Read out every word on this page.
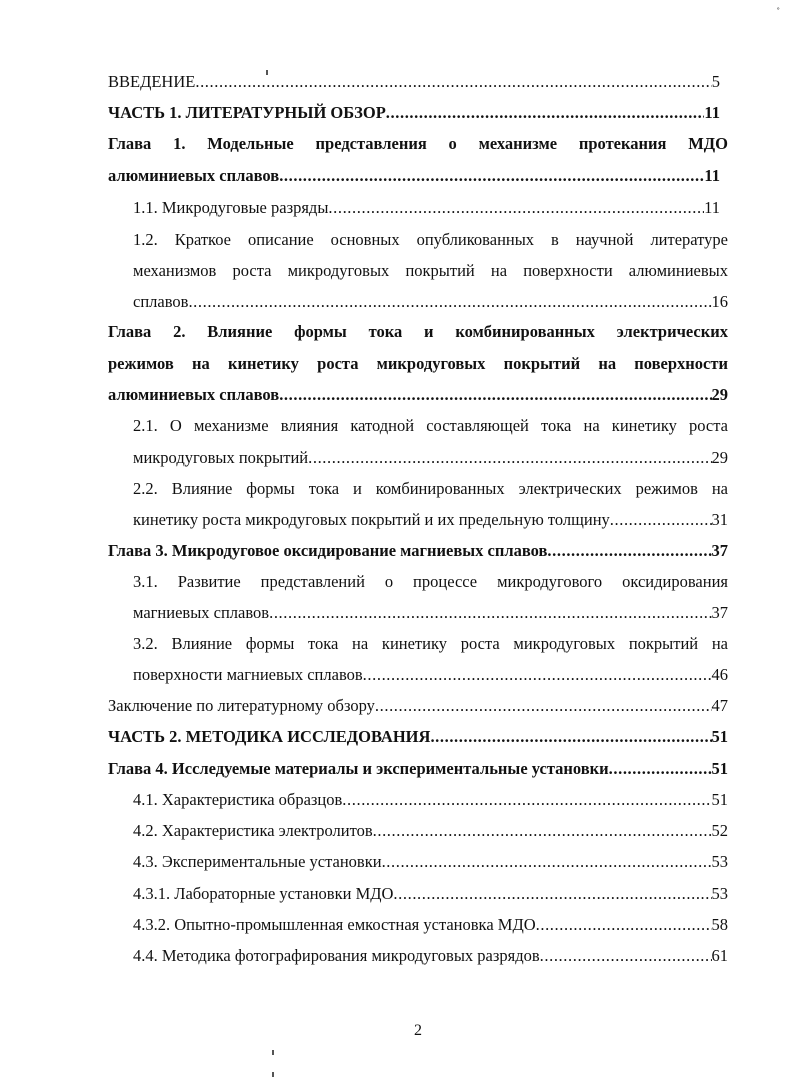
ВВЕДЕНИЕ .....	5
ЧАСТЬ 1. ЛИТЕРАТУРНЫЙ ОБЗОР .....	11
Глава 1. Модельные представления о механизме протекания МДО
алюминиевых сплавов .....	11
1.1. Микродуговые разряды .....	11
1.2. Краткое описание основных опубликованных в научной литературе
механизмов роста микродуговых покрытий на поверхности алюминиевых
сплавов .....	16
Глава 2. Влияние формы тока и комбинированных электрических
режимов на кинетику роста микродуговых покрытий на поверхности
алюминиевых сплавов .....	29
2.1. О механизме влияния катодной составляющей тока на кинетику роста
микродуговых покрытий .....	29
2.2. Влияние формы тока и комбинированных электрических режимов на
кинетику роста микродуговых покрытий и их предельную толщину .....	31
Глава 3. Микродуговое оксидирование магниевых сплавов .....	37
3.1. Развитие представлений о процессе микродугового оксидирования
магниевых сплавов .....	37
3.2. Влияние формы тока на кинетику роста микродуговых покрытий на
поверхности магниевых сплавов .....	46
Заключение по литературному обзору .....	47
ЧАСТЬ 2. МЕТОДИКА ИССЛЕДОВАНИЯ .....	51
Глава 4. Исследуемые материалы и экспериментальные установки .....	51
4.1. Характеристика образцов .....	51
4.2. Характеристика электролитов .....	52
4.3. Экспериментальные установки .....	53
4.3.1. Лабораторные установки МДО .....	53
4.3.2. Опытно-промышленная емкостная установка МДО .....	58
4.4. Методика фотографирования микродуговых разрядов .....	61
2
˚
